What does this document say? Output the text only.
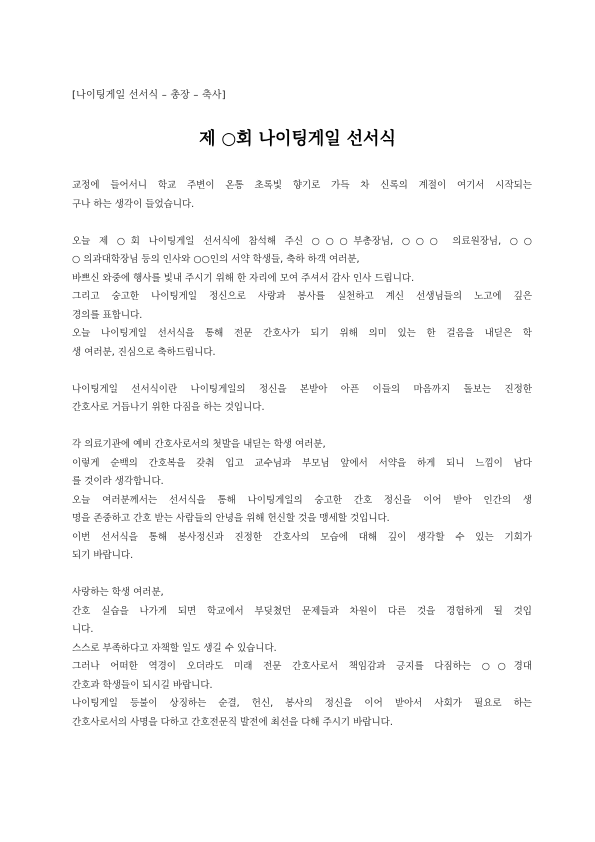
[나이팅게일 선서식 – 총장 – 축사]
제 ○회 나이팅게일 선서식
교정에 들어서니 학교 주변이 온통 초록빛 향기로 가득 차 신록의 계절이 여기서 시작되는
구나 하는 생각이 들었습니다.
오늘 제 ○회 나이팅게일 선서식에 참석해 주신 ○○○부총장님, ○○○ 의료원장님, ○○
○ 의과대학장님 등의 인사와 ○○인의 서약 학생들, 축하 하객 여러분,
바쁘신 와중에 행사를 빛내 주시기 위해 한 자리에 모여 주셔서 감사 인사 드립니다.
그리고 숭고한 나이팅게일 정신으로 사랑과 봉사를 실천하고 계신 선생님들의 노고에 깊은
경의를 표합니다.
오늘 나이팅게일 선서식을 통해 전문 간호사가 되기 위해 의미 있는 한 걸음을 내딛은 학
생 여러분, 진심으로 축하드립니다.
나이팅게일 선서식이란 나이팅게일의 정신을 본받아 아픈 이들의 마음까지 돌보는 진정한
간호사로 거듭나기 위한 다짐을 하는 것입니다.
각 의료기관에 예비 간호사로서의 첫발을 내딛는 학생 여러분,
이렇게 순백의 간호복을 갖춰 입고 교수님과 부모님 앞에서 서약을 하게 되니 느낌이 남다
를 것이라 생각합니다.
오늘 여러분께서는 선서식을 통해 나이팅게일의 숭고한 간호 정신을 이어 받아 인간의 생
명을 존중하고 간호 받는 사람들의 안녕을 위해 헌신할 것을 맹세할 것입니다.
이번 선서식을 통해 봉사정신과 진정한 간호사의 모습에 대해 깊이 생각할 수 있는 기회가
되기 바랍니다.
사랑하는 학생 여러분,
간호 실습을 나가게 되면 학교에서 부딪쳤던 문제들과 차원이 다른 것을 경험하게 될 것입
니다.
스스로 부족하다고 자책할 일도 생길 수 있습니다.
그러나 어떠한 역경이 오더라도 미래 전문 간호사로서 책임감과 긍지를 다짐하는 ○○경대
간호과 학생들이 되시길 바랍니다.
나이팅게일 등불이 상징하는 순결, 헌신, 봉사의 정신을 이어 받아서 사회가 필요로 하는
간호사로서의 사명을 다하고 간호전문직 발전에 최선을 다해 주시기 바랍니다.
